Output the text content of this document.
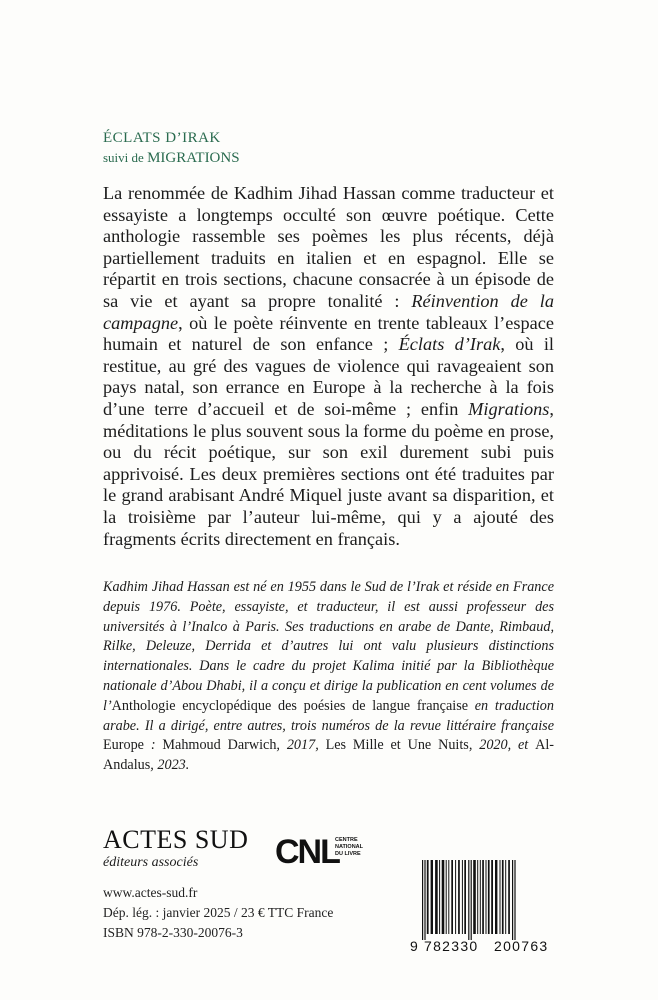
ÉCLATS D’IRAK
suivi de MIGRATIONS

La renommée de Kadhim Jihad Hassan comme traducteur et essayiste a longtemps occulté son œuvre poétique. Cette anthologie rassemble ses poèmes les plus récents, déjà partiellement traduits en italien et en espagnol. Elle se répartit en trois sections, chacune consacrée à un épisode de sa vie et ayant sa propre tonalité : Réinvention de la campagne, où le poète réinvente en trente tableaux l’espace humain et naturel de son enfance ; Éclats d’Irak, où il restitue, au gré des vagues de violence qui ravageaient son pays natal, son errance en Europe à la recherche à la fois d’une terre d’accueil et de soi-même ; enfin Migrations, méditations le plus souvent sous la forme du poème en prose, ou du récit poétique, sur son exil durement subi puis apprivoisé. Les deux premières sections ont été traduites par le grand arabisant André Miquel juste avant sa disparition, et la troisième par l’auteur lui-même, qui y a ajouté des fragments écrits directement en français.

Kadhim Jihad Hassan est né en 1955 dans le Sud de l’Irak et réside en France depuis 1976. Poète, essayiste, et traducteur, il est aussi professeur des universités à l’Inalco à Paris. Ses traductions en arabe de Dante, Rimbaud, Rilke, Deleuze, Derrida et d’autres lui ont valu plusieurs distinctions internationales. Dans le cadre du projet Kalima initié par la Bibliothèque nationale d’Abou Dhabi, il a conçu et dirige la publication en cent volumes de l’Anthologie encyclopédique des poésies de langue française en traduction arabe. Il a dirigé, entre autres, trois numéros de la revue littéraire française Europe : Mahmoud Darwich, 2017, Les Mille et Une Nuits, 2020, et Al-Andalus, 2023.

ACTES SUD
éditeurs associés	CNL
CENTRE
NATIONAL
DU LIVRE
www.actes-sud.fr
Dép. lég. : janvier 2025 / 23 € TTC France
ISBN 978-2-330-20076-3
9 782330 200763
